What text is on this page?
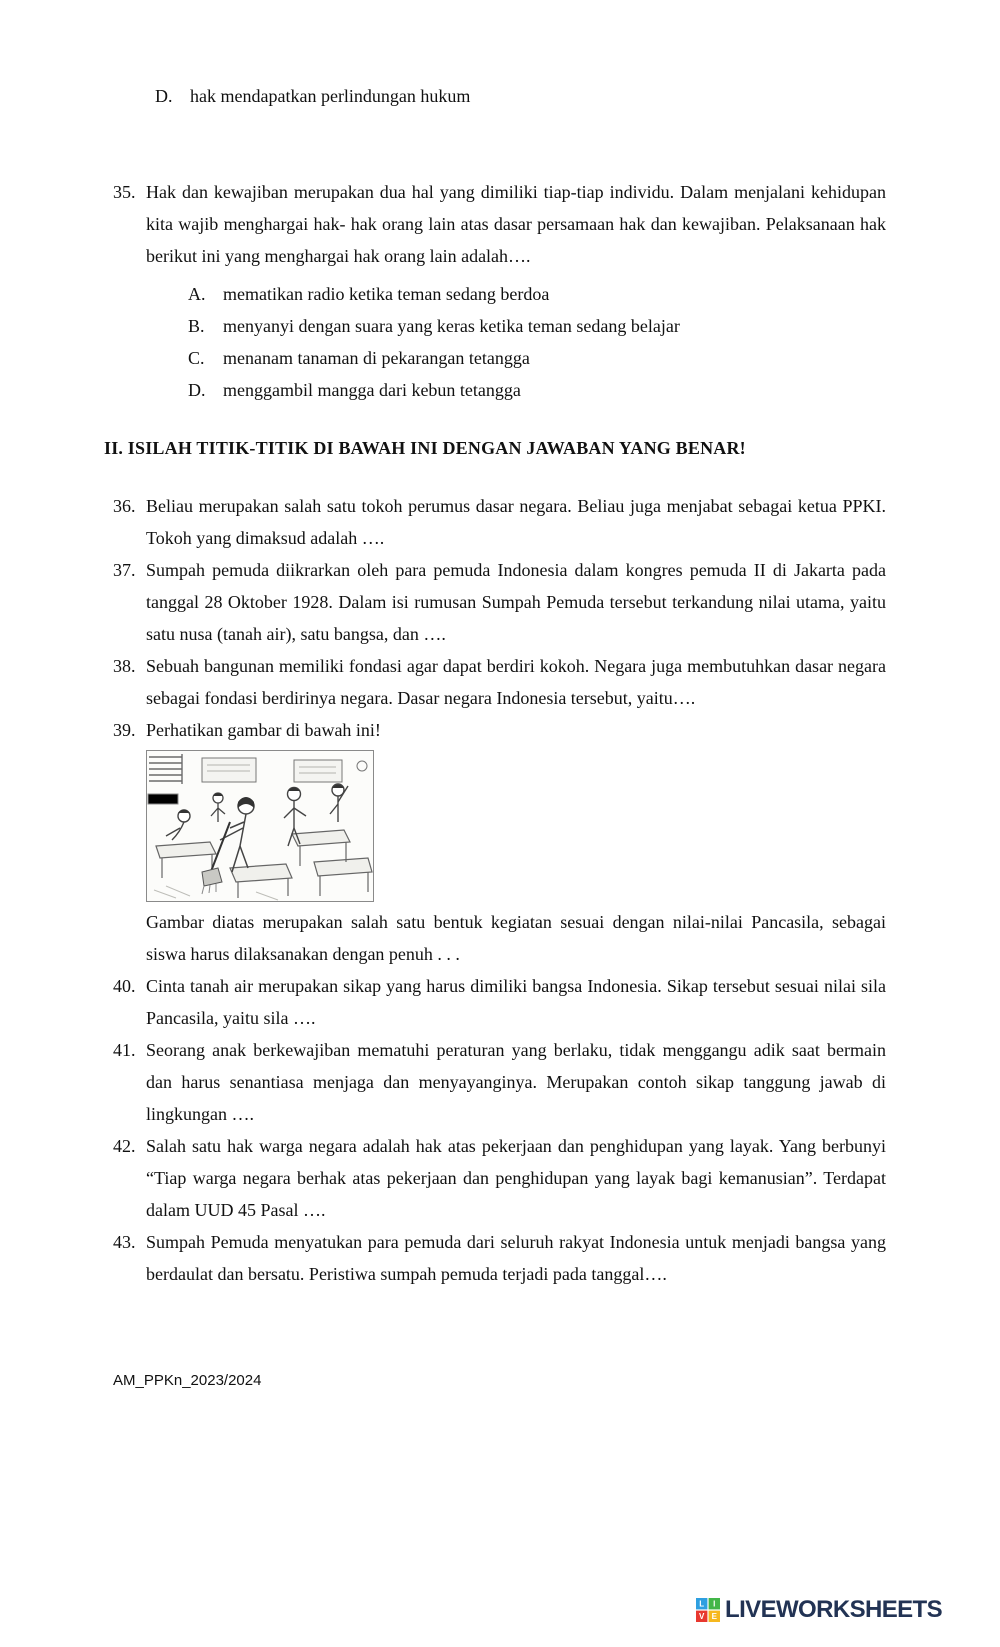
D. hak mendapatkan perlindungan hukum
35. Hak dan kewajiban merupakan dua hal yang dimiliki tiap-tiap individu. Dalam menjalani kehidupan kita wajib menghargai hak- hak orang lain atas dasar persamaan hak dan kewajiban. Pelaksanaan hak berikut ini yang menghargai hak orang lain adalah….

A. mematikan radio ketika teman sedang berdoa
B. menyanyi dengan suara yang keras ketika teman sedang belajar
C. menanam tanaman di pekarangan tetangga
D. menggambil mangga dari kebun tetangga
II. ISILAH TITIK-TITIK DI BAWAH INI DENGAN JAWABAN YANG BENAR!
36. Beliau merupakan salah satu tokoh perumus dasar negara. Beliau juga menjabat sebagai ketua PPKI. Tokoh yang dimaksud adalah ….

37. Sumpah pemuda diikrarkan oleh para pemuda Indonesia dalam kongres pemuda II di Jakarta pada tanggal 28 Oktober 1928. Dalam isi rumusan Sumpah Pemuda tersebut terkandung nilai utama, yaitu satu nusa (tanah air), satu bangsa, dan ….

38. Sebuah bangunan memiliki fondasi agar dapat berdiri kokoh. Negara juga membutuhkan dasar negara sebagai fondasi berdirinya negara. Dasar negara Indonesia tersebut, yaitu….

39. Perhatikan gambar di bawah ini!

Gambar diatas merupakan salah satu bentuk kegiatan sesuai dengan nilai-nilai Pancasila, sebagai siswa harus dilaksanakan dengan penuh . . .

40. Cinta tanah air merupakan sikap yang harus dimiliki bangsa Indonesia. Sikap tersebut sesuai nilai sila Pancasila, yaitu sila ….

41. Seorang anak berkewajiban mematuhi peraturan yang berlaku, tidak menggangu adik saat bermain dan harus senantiasa menjaga dan menyayanginya. Merupakan contoh sikap tanggung jawab di lingkungan ….

42. Salah satu hak warga negara adalah hak atas pekerjaan dan penghidupan yang layak. Yang berbunyi “Tiap warga negara berhak atas pekerjaan dan penghidupan yang layak bagi kemanusian”. Terdapat dalam UUD 45 Pasal ….

43. Sumpah Pemuda menyatukan para pemuda dari seluruh rakyat Indonesia untuk menjadi bangsa yang berdaulat dan bersatu. Peristiwa sumpah pemuda terjadi pada tanggal….

AM_PPKn_2023/2024
L I
V E LIVEWORKSHEETS
